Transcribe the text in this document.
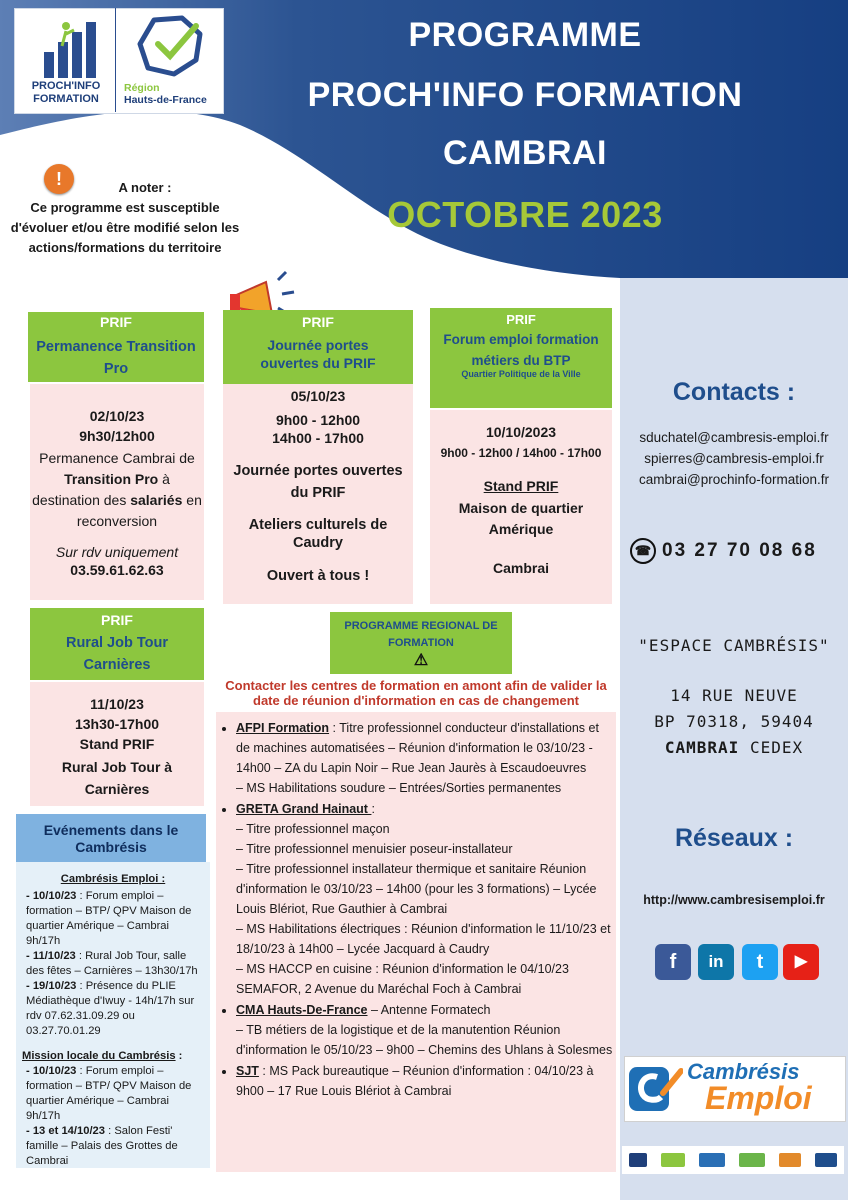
PROCH'INFO
FORMATION
Région
Hauts-de-France
PROGRAMME
PROCH'INFO FORMATION
CAMBRAI
OCTOBRE 2023
!	A noter :
Ce programme est susceptible d'évoluer et/ou être modifié selon les actions/formations du territoire
PRIF
Permanence Transition Pro
02/10/23
9h30/12h00
Permanence Cambrai de Transition Pro à destination des salariés en reconversion
Sur rdv uniquement
03.59.61.62.63
PRIF
Journée portes ouvertes du PRIF
05/10/23
9h00 - 12h00
14h00 - 17h00
Journée portes ouvertes du PRIF
Ateliers culturels de Caudry
Ouvert à tous !
PRIF
Forum emploi formation métiers du BTP
Quartier Politique de la Ville
10/10/2023
9h00 - 12h00 / 14h00 - 17h00
Stand PRIF
Maison de quartier Amérique
Cambrai
PRIF
Rural Job Tour Carnières
11/10/23
13h30-17h00
Stand PRIF
Rural Job Tour à Carnières
Evénements dans le Cambrésis
Cambrésis Emploi :
- 10/10/23 : Forum emploi – formation – BTP/ QPV Maison de quartier Amérique – Cambrai 9h/17h
- 11/10/23 : Rural Job Tour, salle des fêtes – Carnières – 13h30/17h
- 19/10/23 : Présence du PLIE Médiathèque d'Iwuy - 14h/17h sur rdv 07.62.31.09.29 ou 03.27.70.01.29
Mission locale du Cambrésis :
- 10/10/23 : Forum emploi – formation – BTP/ QPV Maison de quartier Amérique – Cambrai 9h/17h
- 13 et 14/10/23 : Salon Festi' famille – Palais des Grottes de Cambrai
PROGRAMME REGIONAL DE FORMATION
⚠
Contacter les centres de formation en amont afin de valider la date de réunion d'information en cas de changement
• AFPI Formation : Titre professionnel conducteur d'installations et de machines automatisées – Réunion d'information le 03/10/23 - 14h00 – ZA du Lapin Noir – Rue Jean Jaurès à Escaudoeuvres
– MS Habilitations soudure – Entrées/Sorties permanentes
• GRETA Grand Hainaut :
– Titre professionnel maçon
– Titre professionnel menuisier poseur-installateur
– Titre professionnel installateur thermique et sanitaire Réunion d'information le 03/10/23 – 14h00 (pour les 3 formations) – Lycée Louis Blériot, Rue Gauthier à Cambrai
– MS Habilitations électriques : Réunion d'information le 11/10/23 et 18/10/23 à 14h00 – Lycée Jacquard à Caudry
– MS HACCP en cuisine : Réunion d'information le 04/10/23 SEMAFOR, 2 Avenue du Maréchal Foch à Cambrai
• CMA Hauts-De-France – Antenne Formatech
– TB métiers de la logistique et de la manutention Réunion d'information le 05/10/23 – 9h00 – Chemins des Uhlans à Solesmes
• SJT : MS Pack bureautique – Réunion d'information : 04/10/23 à 9h00 – 17 Rue Louis Blériot à Cambrai
Contacts :
sduchatel@cambresis-emploi.fr
spierres@cambresis-emploi.fr
cambrai@prochinfo-formation.fr
☎ 03 27 70 08 68
"ESPACE CAMBRÉSIS"
14 RUE NEUVE
BP 70318, 59404
CAMBRAI CEDEX
Réseaux :
http://www.cambresisemploi.fr
f	in	t	▶
Cambrésis
Emploi
